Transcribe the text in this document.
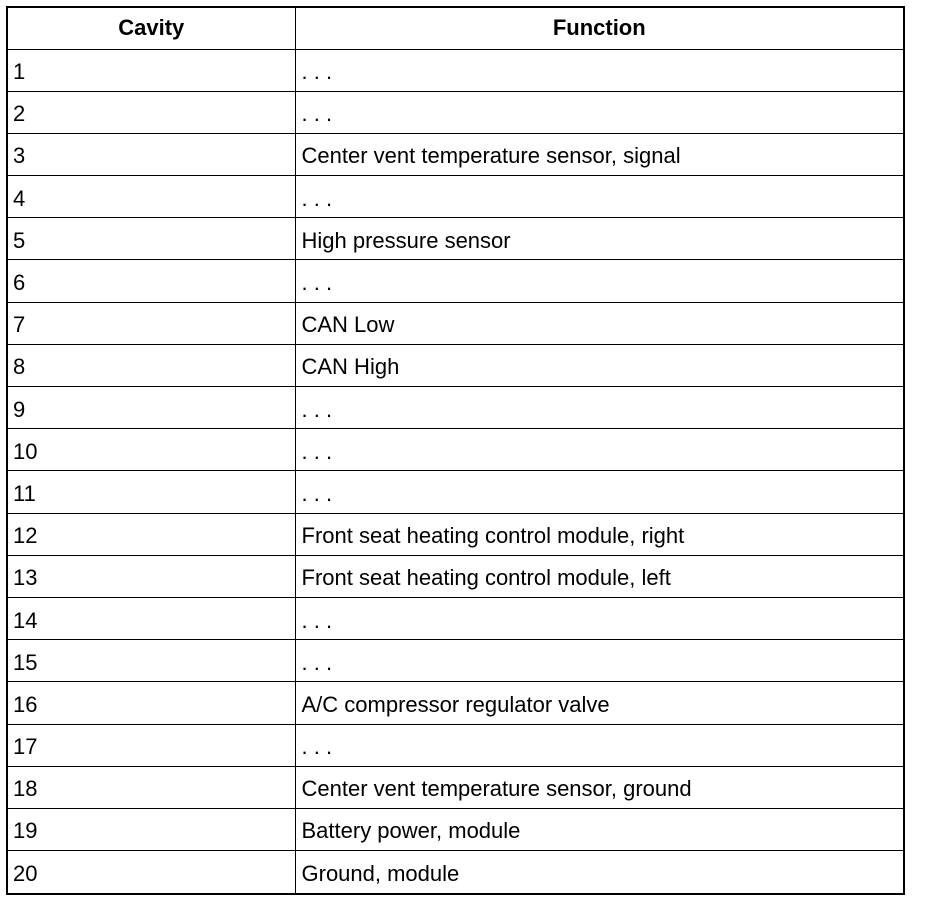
Cavity	Function
1	. . .
2	. . .
3	Center vent temperature sensor, signal
4	. . .
5	High pressure sensor
6	. . .
7	CAN Low
8	CAN High
9	. . .
10	. . .
11	. . .
12	Front seat heating control module, right
13	Front seat heating control module, left
14	. . .
15	. . .
16	A/C compressor regulator valve
17	. . .
18	Center vent temperature sensor, ground
19	Battery power, module
20	Ground, module
